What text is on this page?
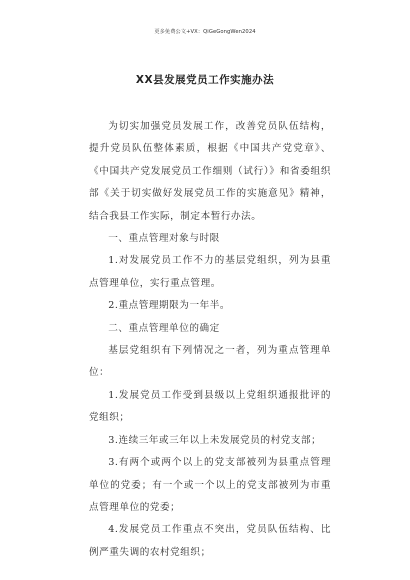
更多免费公文+VX：QiGeGongWen2024
XX县发展党员工作实施办法

为切实加强党员发展工作，改善党员队伍结构，提升党员队伍整体素质，根据《中国共产党党章》、《中国共产党发展党员工作细则（试行）》和省委组织部《关于切实做好发展党员工作的实施意见》精神，结合我县工作实际，制定本暂行办法。

一、重点管理对象与时限

1.对发展党员工作不力的基层党组织，列为县重点管理单位，实行重点管理。

2.重点管理期限为一年半。

二、重点管理单位的确定

基层党组织有下列情况之一者，列为重点管理单位：

1.发展党员工作受到县级以上党组织通报批评的党组织；

3.连续三年或三年以上未发展党员的村党支部；

3.有两个或两个以上的党支部被列为县重点管理单位的党委；有一个或一个以上的党支部被列为市重点管理单位的党委；

4.发展党员工作重点不突出，党员队伍结构、比例严重失调的农村党组织；
